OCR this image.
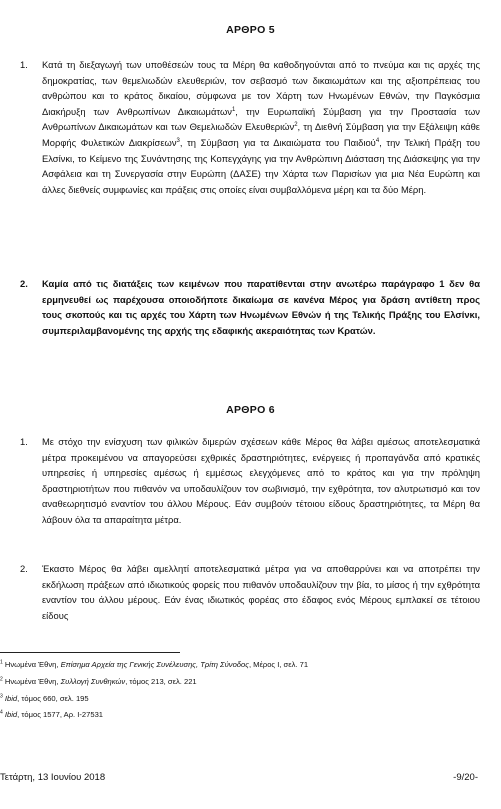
ΑΡΘΡΟ 5
1. Κατά τη διεξαγωγή των υποθέσεών τους τα Μέρη θα καθοδηγούνται από το πνεύμα και τις αρχές της δημοκρατίας, των θεμελιωδών ελευθεριών, τον σεβασμό των δικαιωμάτων και της αξιοπρέπειας του ανθρώπου και το κράτος δικαίου, σύμφωνα με τον Χάρτη των Ηνωμένων Εθνών, την Παγκόσμια Διακήρυξη των Ανθρωπίνων Δικαιωμάτων$^1$, την Ευρωπαϊκή Σύμβαση για την Προστασία των Ανθρωπίνων Δικαιωμάτων και των Θεμελιωδών Ελευθεριών$^2$, τη Διεθνή Σύμβαση για την Εξάλειψη κάθε Μορφής Φυλετικών Διακρίσεων$^3$, τη Σύμβαση για τα Δικαιώματα του Παιδιού$^4$, την Τελική Πράξη του Ελσίνκι, το Κείμενο της Συνάντησης της Κοπεγχάγης για την Ανθρώπινη Διάσταση της Διάσκεψης για την Ασφάλεια και τη Συνεργασία στην Ευρώπη (ΔΑΣΕ) την Χάρτα των Παρισίων για μια Νέα Ευρώπη και άλλες διεθνείς συμφωνίες και πράξεις στις οποίες είναι συμβαλλόμενα μέρη και τα δύο Μέρη.
2. Καμία από τις διατάξεις των κειμένων που παρατίθενται στην ανωτέρω παράγραφο 1 δεν θα ερμηνευθεί ως παρέχουσα οποιοδήποτε δικαίωμα σε κανένα Μέρος για δράση αντίθετη προς τους σκοπούς και τις αρχές του Χάρτη των Ηνωμένων Εθνών ή της Τελικής Πράξης του Ελσίνκι, συμπεριλαμβανομένης της αρχής της εδαφικής ακεραιότητας των Κρατών.
ΑΡΘΡΟ 6
1. Με στόχο την ενίσχυση των φιλικών διμερών σχέσεων κάθε Μέρος θα λάβει αμέσως αποτελεσματικά μέτρα προκειμένου να απαγορεύσει εχθρικές δραστηριότητες, ενέργειες ή προπαγάνδα από κρατικές υπηρεσίες ή υπηρεσίες αμέσως ή εμμέσως ελεγχόμενες από το κράτος και για την πρόληψη δραστηριοτήτων που πιθανόν να υποδαυλίζουν τον σωβινισμό, την εχθρότητα, τον αλυτρωτισμό και τον αναθεωρητισμό εναντίον του άλλου Μέρους. Εάν συμβούν τέτοιου είδους δραστηριότητες, τα Μέρη θα λάβουν όλα τα απαραίτητα μέτρα.
2. Έκαστο Μέρος θα λάβει αμελλητί αποτελεσματικά μέτρα για να αποθαρρύνει και να αποτρέπει την εκδήλωση πράξεων από ιδιωτικούς φορείς που πιθανόν υποδαυλίζουν την βία, το μίσος ή την εχθρότητα εναντίον του άλλου μέρους. Εάν ένας ιδιωτικός φορέας στο έδαφος ενός Μέρους εμπλακεί σε τέτοιου είδους
$^1$ Ηνωμένα Έθνη, Επίσημα Αρχεία της Γενικής Συνέλευσης, Τρίτη Σύνοδος, Μέρος Ι, σελ. 71
$^2$ Ηνωμένα Έθνη, Συλλογή Συνθηκών, τόμος 213, σελ. 221
$^3$ Ibid, τόμος 660, σελ. 195
$^4$ Ibid, τόμος 1577, Αρ. Ι-27531
Τετάρτη, 13 Ιουνίου 2018	-9/20-
